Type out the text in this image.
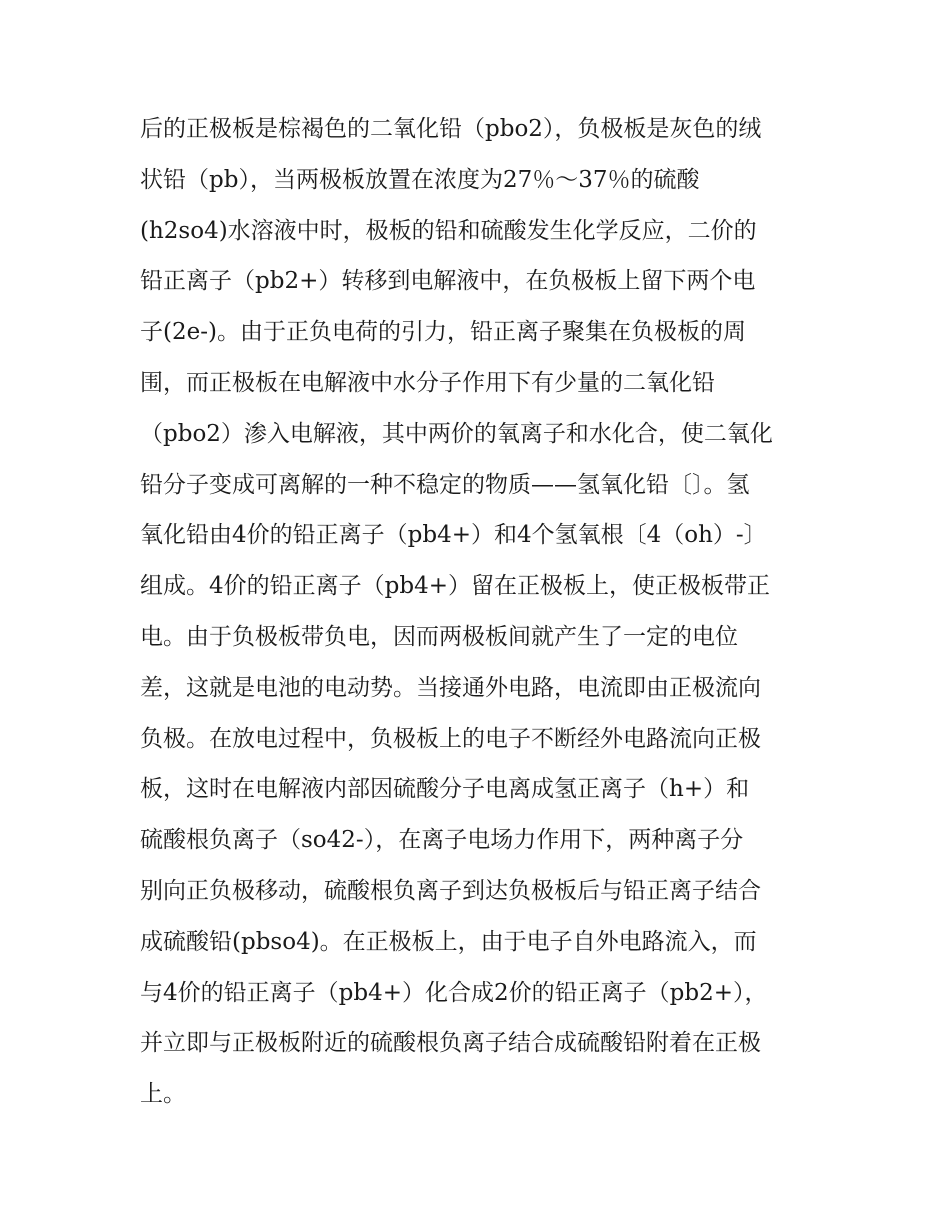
后的正极板是棕褐色的二氧化铅（pbo2），负极板是灰色的绒
状铅（pb），当两极板放置在浓度为27％～37％的硫酸
(h2so4)水溶液中时，极板的铅和硫酸发生化学反应，二价的
铅正离子（pb2+）转移到电解液中，在负极板上留下两个电
子(2e-)。由于正负电荷的引力，铅正离子聚集在负极板的周
围，而正极板在电解液中水分子作用下有少量的二氧化铅
（pbo2）渗入电解液，其中两价的氧离子和水化合，使二氧化
铅分子变成可离解的一种不稳定的物质——氢氧化铅〔〕。氢
氧化铅由4价的铅正离子（pb4+）和4个氢氧根〔4（oh）-〕
组成。4价的铅正离子（pb4+）留在正极板上，使正极板带正
电。由于负极板带负电，因而两极板间就产生了一定的电位
差，这就是电池的电动势。当接通外电路，电流即由正极流向
负极。在放电过程中，负极板上的电子不断经外电路流向正极
板，这时在电解液内部因硫酸分子电离成氢正离子（h+）和
硫酸根负离子（so42-），在离子电场力作用下，两种离子分
别向正负极移动，硫酸根负离子到达负极板后与铅正离子结合
成硫酸铅(pbso4)。在正极板上，由于电子自外电路流入，而
与4价的铅正离子（pb4+）化合成2价的铅正离子（pb2+），
并立即与正极板附近的硫酸根负离子结合成硫酸铅附着在正极
上。
